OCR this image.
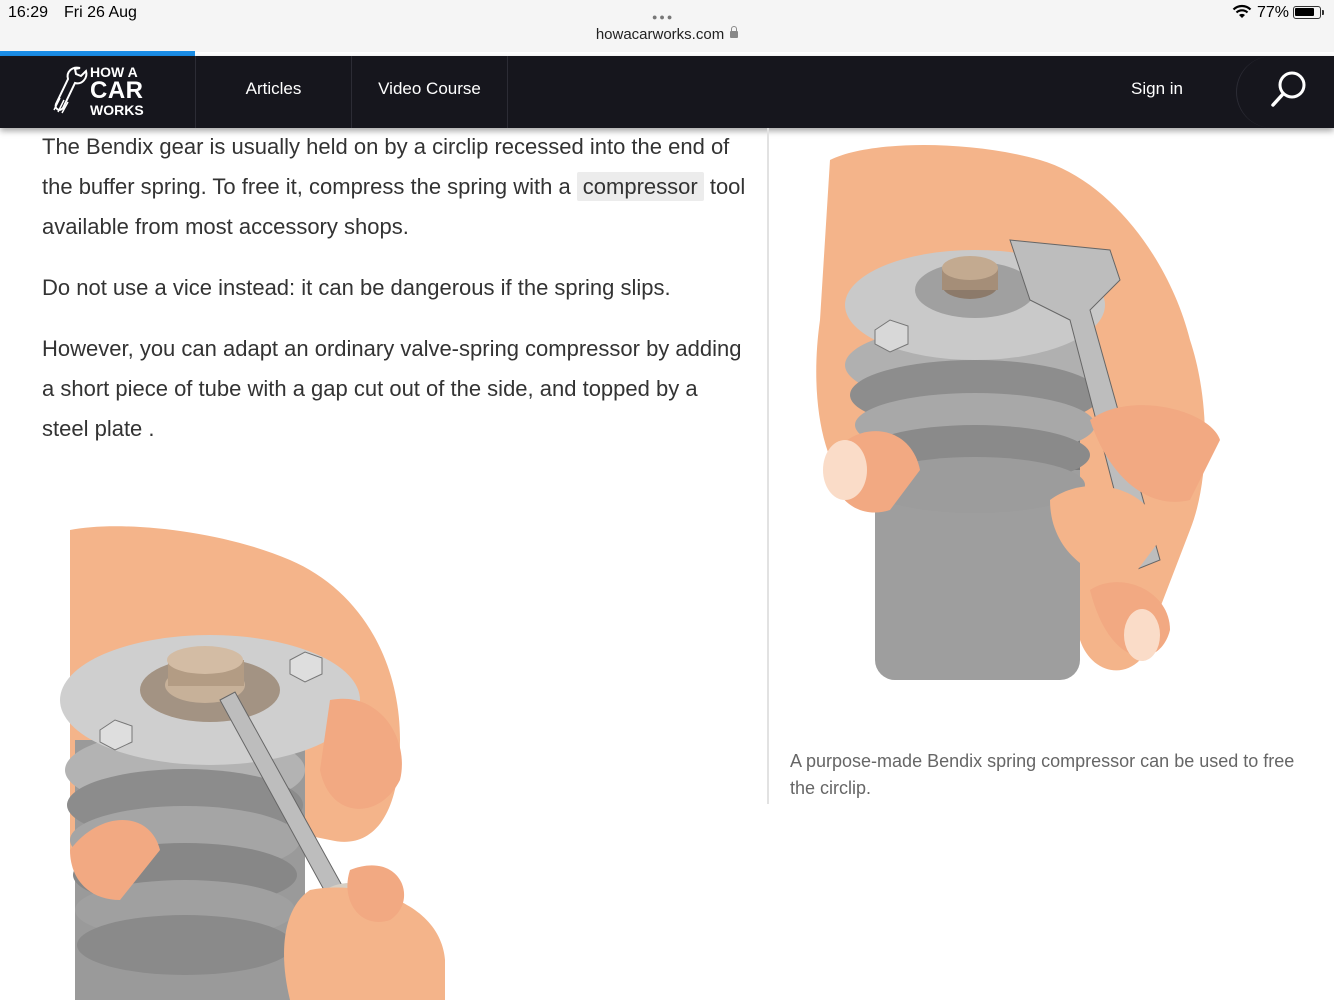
16:29 Fri 26 Aug	●●●
howacarworks.com
77%
HOW A
CAR
WORKS
Articles	Video Course	Sign in

The Bendix gear is usually held on by a circlip recessed into the end of the buffer spring. To free it, compress the spring with a compressor tool available from most accessory shops.

Do not use a vice instead: it can be dangerous if the spring slips.

However, you can adapt an ordinary valve-spring compressor by adding a short piece of tube with a gap cut out of the side, and topped by a steel plate .

A purpose-made Bendix spring compressor can be used to free the circlip.
